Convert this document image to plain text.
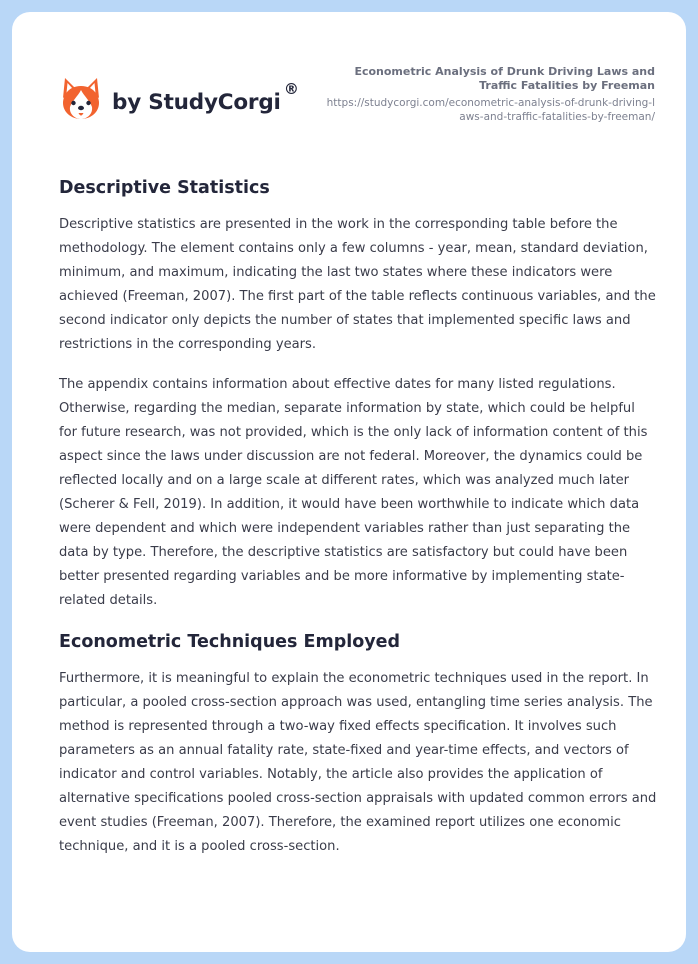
by StudyCorgi
®
Econometric Analysis of Drunk Driving Laws and Traffic Fatalities by Freeman
https://studycorgi.com/econometric-analysis-of-drunk-driving-laws-and-traffic-fatalities-by-freeman/
Descriptive Statistics

Descriptive statistics are presented in the work in the corresponding table before the methodology. The element contains only a few columns - year, mean, standard deviation, minimum, and maximum, indicating the last two states where these indicators were achieved (Freeman, 2007). The first part of the table reflects continuous variables, and the second indicator only depicts the number of states that implemented specific laws and restrictions in the corresponding years.

The appendix contains information about effective dates for many listed regulations. Otherwise, regarding the median, separate information by state, which could be helpful for future research, was not provided, which is the only lack of information content of this aspect since the laws under discussion are not federal. Moreover, the dynamics could be reflected locally and on a large scale at different rates, which was analyzed much later (Scherer & Fell, 2019). In addition, it would have been worthwhile to indicate which data were dependent and which were independent variables rather than just separating the data by type. Therefore, the descriptive statistics are satisfactory but could have been better presented regarding variables and be more informative by implementing state-related details.

Econometric Techniques Employed

Furthermore, it is meaningful to explain the econometric techniques used in the report. In particular, a pooled cross-section approach was used, entangling time series analysis. The method is represented through a two-way fixed effects specification. It involves such parameters as an annual fatality rate, state-fixed and year-time effects, and vectors of indicator and control variables. Notably, the article also provides the application of alternative specifications pooled cross-section appraisals with updated common errors and event studies (Freeman, 2007). Therefore, the examined report utilizes one economic technique, and it is a pooled cross-section.
